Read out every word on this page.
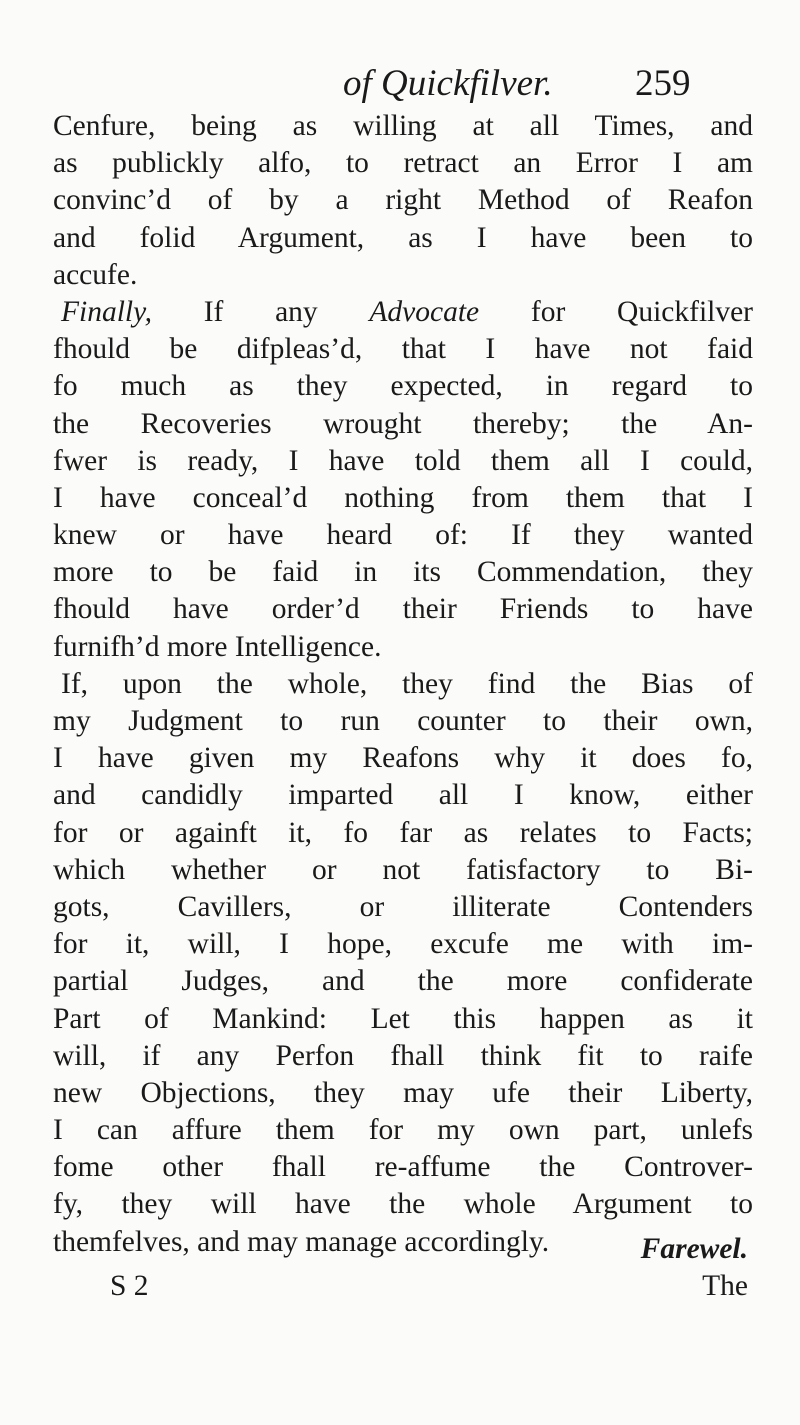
of Quickfilver. 259
Cenfure, being as willing at all Times, and
as publickly alfo, to retract an Error I am
convinc’d of by a right Method of Reafon
and folid Argument, as I have been to
accufe.
Finally, If any Advocate for Quickfilver
fhould be difpleas’d, that I have not faid
fo much as they expected, in regard to
the Recoveries wrought thereby; the An-
fwer is ready, I have told them all I could,
I have conceal’d nothing from them that I
knew or have heard of: If they wanted
more to be faid in its Commendation, they
fhould have order’d their Friends to have
furnifh’d more Intelligence.
If, upon the whole, they find the Bias of
my Judgment to run counter to their own,
I have given my Reafons why it does fo,
and candidly imparted all I know, either
for or againft it, fo far as relates to Facts;
which whether or not fatisfactory to Bi-
gots, Cavillers, or illiterate Contenders
for it, will, I hope, excufe me with im-
partial Judges, and the more confiderate
Part of Mankind: Let this happen as it
will, if any Perfon fhall think fit to raife
new Objections, they may ufe their Liberty,
I can affure them for my own part, unlefs
fome other fhall re-affume the Controver-
fy, they will have the whole Argument to
themfelves, and may manage accordingly.	Farewel.
S 2	The
